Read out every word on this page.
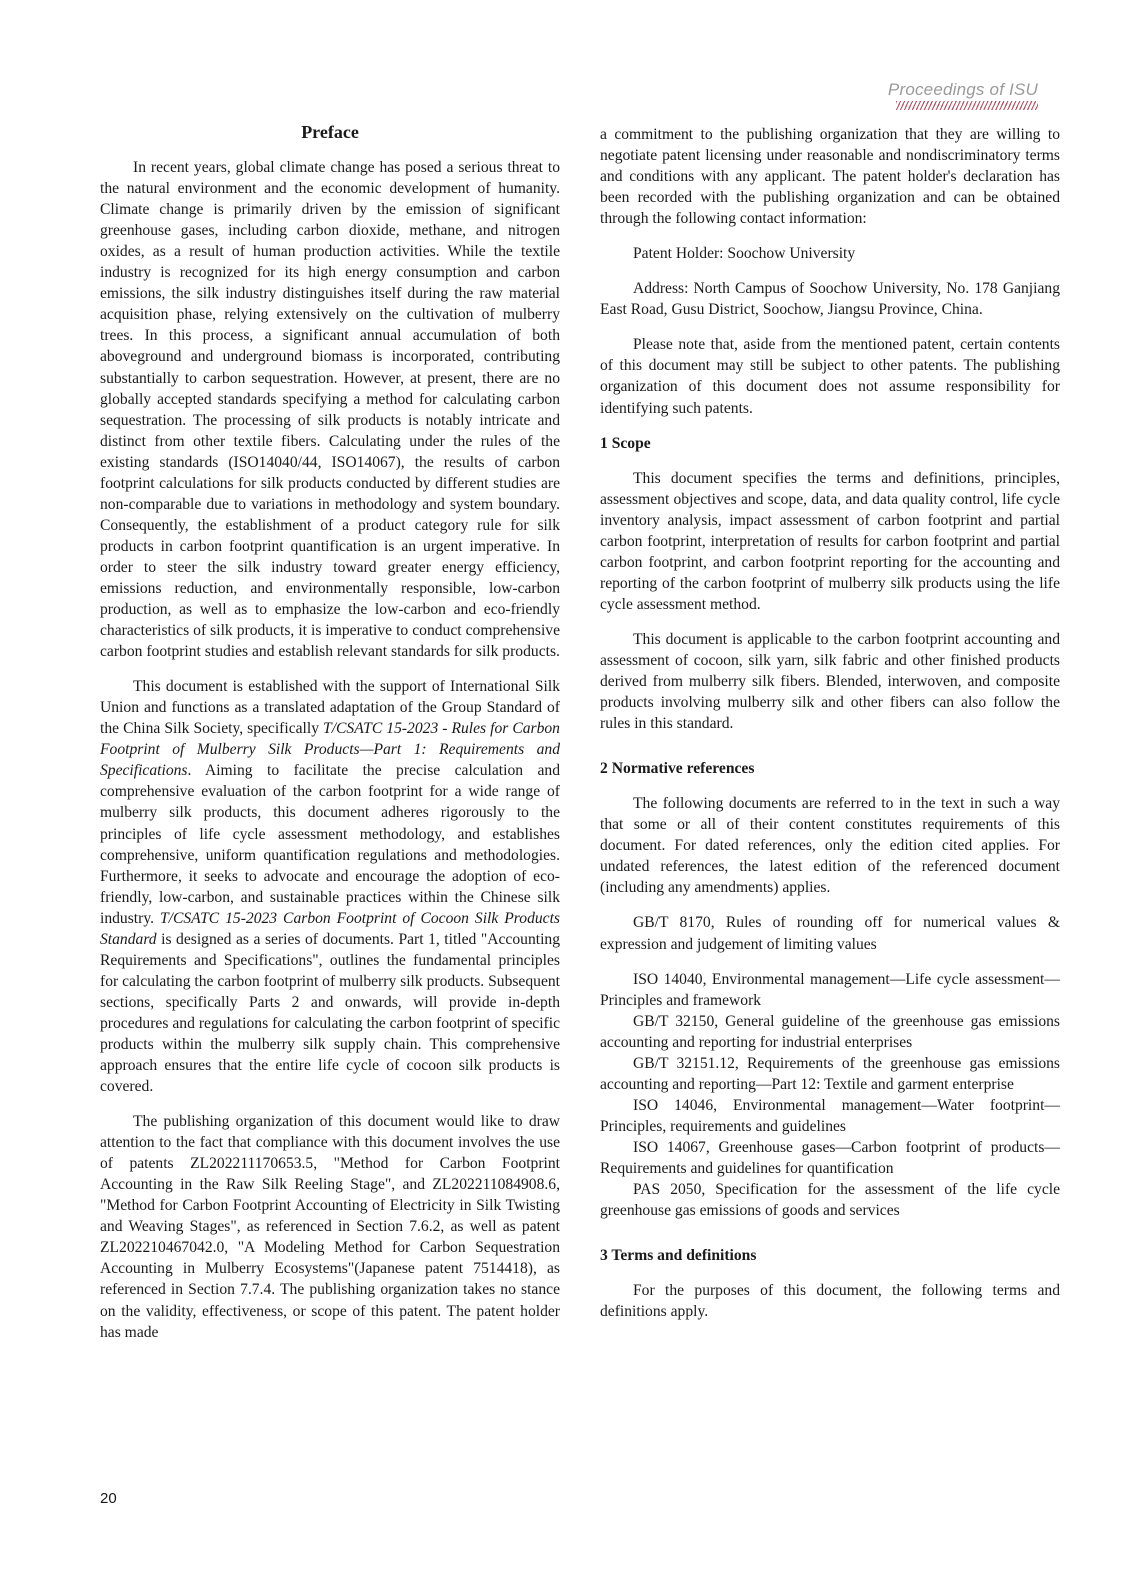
Proceedings of ISU
Preface

In recent years, global climate change has posed a serious threat to the natural environment and the economic development of humanity. Climate change is primarily driven by the emission of significant greenhouse gases, including carbon dioxide, methane, and nitrogen oxides, as a result of human production activities. While the textile industry is recognized for its high energy consumption and carbon emissions, the silk industry distinguishes itself during the raw material acquisition phase, relying extensively on the cultivation of mulberry trees. In this process, a significant annual accumulation of both aboveground and underground biomass is incorporated, contributing substantially to carbon sequestration. However, at present, there are no globally accepted standards specifying a method for calculating carbon sequestration. The processing of silk products is notably intricate and distinct from other textile fibers. Calculating under the rules of the existing standards (ISO14040/44, ISO14067), the results of carbon footprint calculations for silk products conducted by different studies are non-comparable due to variations in methodology and system boundary. Consequently, the establishment of a product category rule for silk products in carbon footprint quantification is an urgent imperative. In order to steer the silk industry toward greater energy efficiency, emissions reduction, and environmentally responsible, low-carbon production, as well as to emphasize the low-carbon and eco-friendly characteristics of silk products, it is imperative to conduct comprehensive carbon footprint studies and establish relevant standards for silk products.

This document is established with the support of International Silk Union and functions as a translated adaptation of the Group Standard of the China Silk Society, specifically T/CSATC 15-2023 - Rules for Carbon Footprint of Mulberry Silk Products—Part 1: Requirements and Specifications. Aiming to facilitate the precise calculation and comprehensive evaluation of the carbon footprint for a wide range of mulberry silk products, this document adheres rigorously to the principles of life cycle assessment methodology, and establishes comprehensive, uniform quantification regulations and methodologies. Furthermore, it seeks to advocate and encourage the adoption of eco-friendly, low-carbon, and sustainable practices within the Chinese silk industry. T/CSATC 15-2023 Carbon Footprint of Cocoon Silk Products Standard is designed as a series of documents. Part 1, titled "Accounting Requirements and Specifications", outlines the fundamental principles for calculating the carbon footprint of mulberry silk products. Subsequent sections, specifically Parts 2 and onwards, will provide in-depth procedures and regulations for calculating the carbon footprint of specific products within the mulberry silk supply chain. This comprehensive approach ensures that the entire life cycle of cocoon silk products is covered.

The publishing organization of this document would like to draw attention to the fact that compliance with this document involves the use of patents ZL202211170653.5, "Method for Carbon Footprint Accounting in the Raw Silk Reeling Stage", and ZL202211084908.6, "Method for Carbon Footprint Accounting of Electricity in Silk Twisting and Weaving Stages", as referenced in Section 7.6.2, as well as patent ZL202210467042.0, "A Modeling Method for Carbon Sequestration Accounting in Mulberry Ecosystems"(Japanese patent 7514418), as referenced in Section 7.7.4. The publishing organization takes no stance on the validity, effectiveness, or scope of this patent. The patent holder has made

a commitment to the publishing organization that they are willing to negotiate patent licensing under reasonable and nondiscriminatory terms and conditions with any applicant. The patent holder's declaration has been recorded with the publishing organization and can be obtained through the following contact information:

Patent Holder: Soochow University

Address: North Campus of Soochow University, No. 178 Ganjiang East Road, Gusu District, Soochow, Jiangsu Province, China.

Please note that, aside from the mentioned patent, certain contents of this document may still be subject to other patents. The publishing organization of this document does not assume responsibility for identifying such patents.

1 Scope

This document specifies the terms and definitions, principles, assessment objectives and scope, data, and data quality control, life cycle inventory analysis, impact assessment of carbon footprint and partial carbon footprint, interpretation of results for carbon footprint and partial carbon footprint, and carbon footprint reporting for the accounting and reporting of the carbon footprint of mulberry silk products using the life cycle assessment method.

This document is applicable to the carbon footprint accounting and assessment of cocoon, silk yarn, silk fabric and other finished products derived from mulberry silk fibers. Blended, interwoven, and composite products involving mulberry silk and other fibers can also follow the rules in this standard.

2 Normative references

The following documents are referred to in the text in such a way that some or all of their content constitutes requirements of this document. For dated references, only the edition cited applies. For undated references, the latest edition of the referenced document (including any amendments) applies.

GB/T 8170, Rules of rounding off for numerical values & expression and judgement of limiting values

ISO 14040, Environmental management—Life cycle assessment—Principles and framework

GB/T 32150, General guideline of the greenhouse gas emissions accounting and reporting for industrial enterprises

GB/T 32151.12, Requirements of the greenhouse gas emissions accounting and reporting—Part 12: Textile and garment enterprise

ISO 14046, Environmental management—Water footprint—Principles, requirements and guidelines

ISO 14067, Greenhouse gases—Carbon footprint of products—Requirements and guidelines for quantification

PAS 2050, Specification for the assessment of the life cycle greenhouse gas emissions of goods and services

3 Terms and definitions

For the purposes of this document, the following terms and definitions apply.

20
